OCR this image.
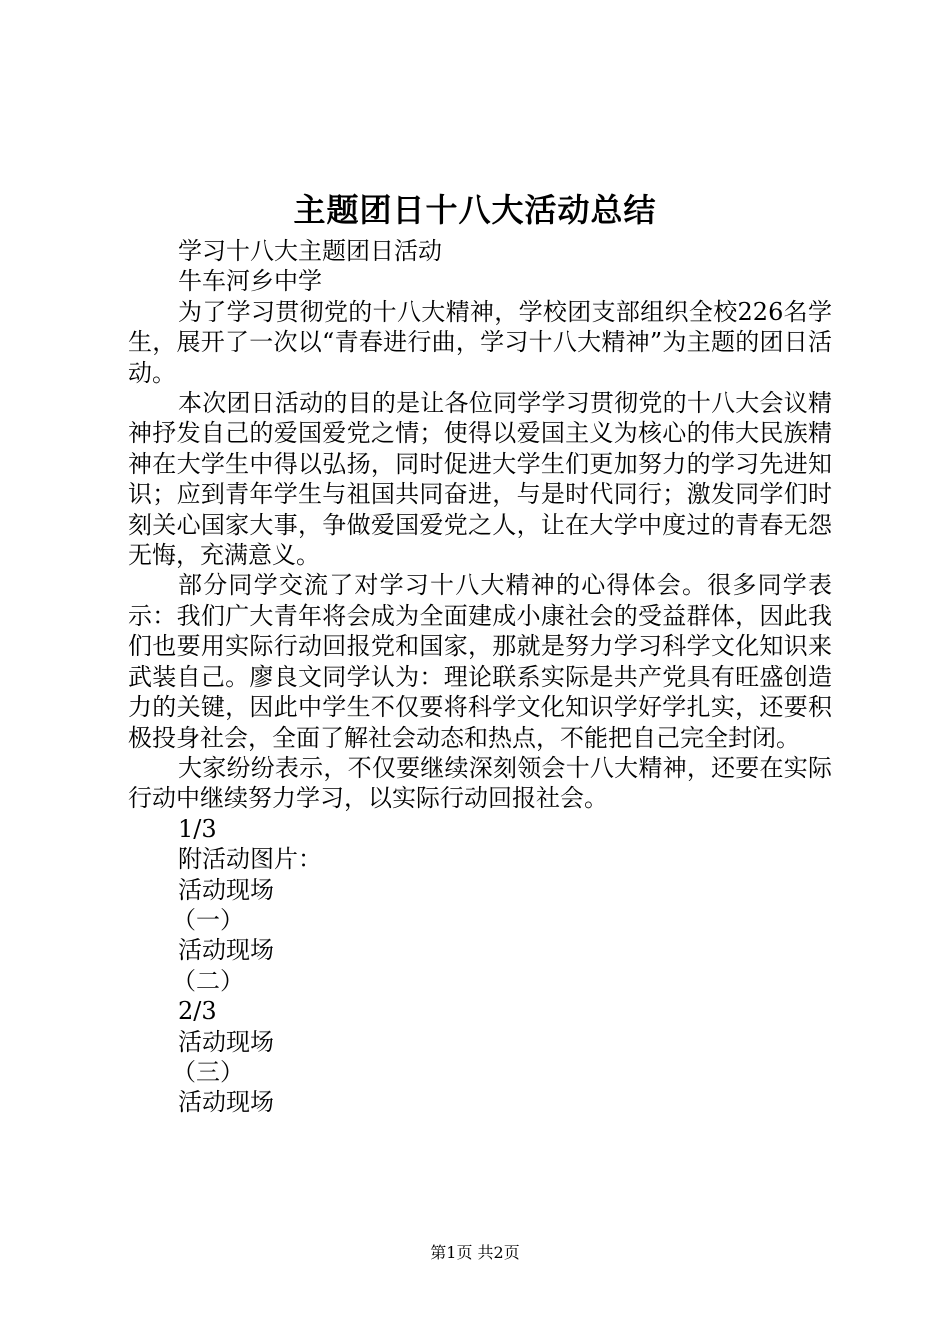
主题团日十八大活动总结

学习十八大主题团日活动

牛车河乡中学

为了学习贯彻党的十八大精神，学校团支部组织全校226名学生，展开了一次以“青春进行曲，学习十八大精神”为主题的团日活动。

本次团日活动的目的是让各位同学学习贯彻党的十八大会议精神抒发自己的爱国爱党之情；使得以爱国主义为核心的伟大民族精神在大学生中得以弘扬，同时促进大学生们更加努力的学习先进知识；应到青年学生与祖国共同奋进，与是时代同行；激发同学们时刻关心国家大事，争做爱国爱党之人，让在大学中度过的青春无怨无悔，充满意义。

部分同学交流了对学习十八大精神的心得体会。很多同学表示：我们广大青年将会成为全面建成小康社会的受益群体，因此我们也要用实际行动回报党和国家，那就是努力学习科学文化知识来武装自己。廖良文同学认为：理论联系实际是共产党具有旺盛创造力的关键，因此中学生不仅要将科学文化知识学好学扎实，还要积极投身社会，全面了解社会动态和热点，不能把自己完全封闭。

大家纷纷表示，不仅要继续深刻领会十八大精神，还要在实际行动中继续努力学习，以实际行动回报社会。

1/3

附活动图片：

活动现场

（一）

活动现场

（二）

2/3

活动现场

（三）

活动现场

第1页 共2页
